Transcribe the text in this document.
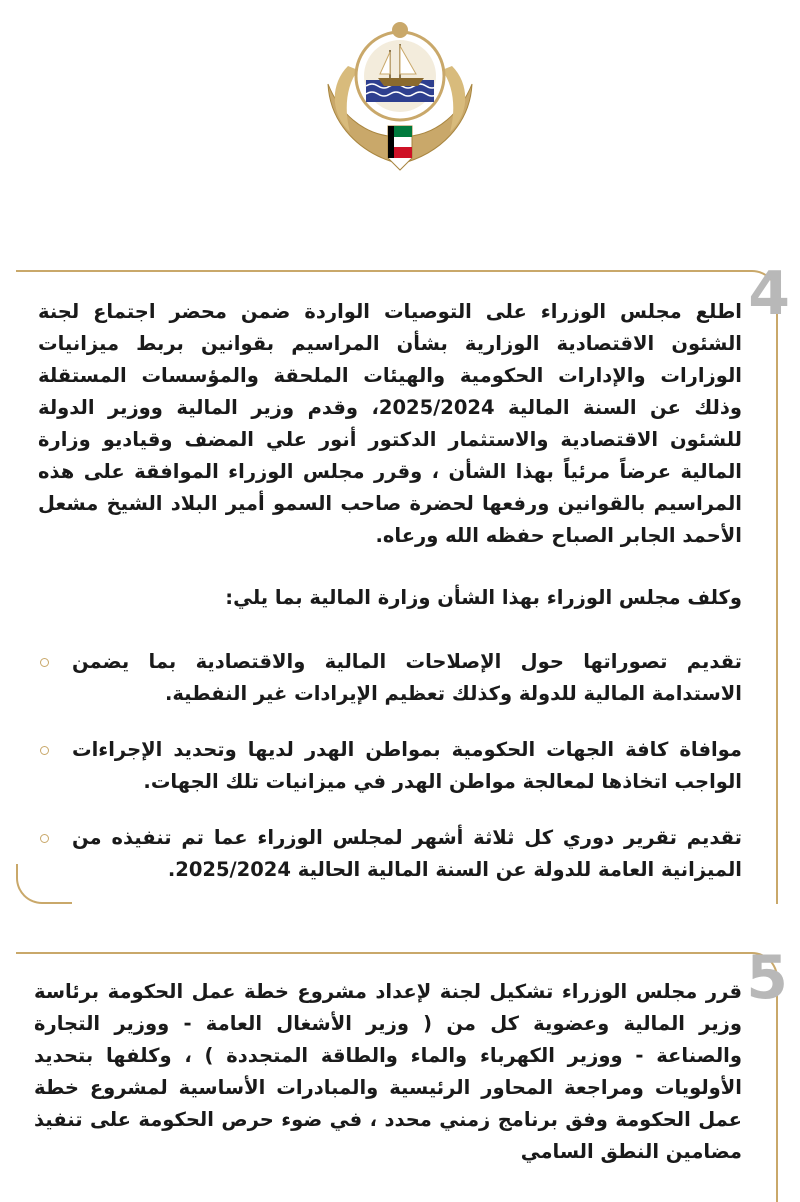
4

اطلع مجلس الوزراء على التوصيات الواردة ضمن محضر اجتماع لجنة الشئون الاقتصادية الوزارية بشأن المراسيم بقوانين بربط ميزانيات الوزارات والإدارات الحكومية والهيئات الملحقة والمؤسسات المستقلة وذلك عن السنة المالية 2025/2024، وقدم وزير المالية ووزير الدولة للشئون الاقتصادية والاستثمار الدكتور أنور علي المضف وقياديو وزارة المالية عرضاً مرئياً بهذا الشأن ، وقرر مجلس الوزراء الموافقة على هذه المراسيم بالقوانين ورفعها لحضرة صاحب السمو أمير البلاد الشيخ مشعل الأحمد الجابر الصباح حفظه الله ورعاه.

وكلف مجلس الوزراء بهذا الشأن وزارة المالية بما يلي:

تقديم تصوراتها حول الإصلاحات المالية والاقتصادية بما يضمن الاستدامة المالية للدولة وكذلك تعظيم الإيرادات غير النفطية.
موافاة كافة الجهات الحكومية بمواطن الهدر لديها وتحديد الإجراءات الواجب اتخاذها لمعالجة مواطن الهدر في ميزانيات تلك الجهات.
تقديم تقرير دوري كل ثلاثة أشهر لمجلس الوزراء عما تم تنفيذه من الميزانية العامة للدولة عن السنة المالية الحالية 2025/2024.
5

قرر مجلس الوزراء تشكيل لجنة لإعداد مشروع خطة عمل الحكومة برئاسة وزير المالية وعضوية كل من ( وزير الأشغال العامة - ووزير التجارة والصناعة - ووزير الكهرباء والماء والطاقة المتجددة ) ، وكلفها بتحديد الأولويات ومراجعة المحاور الرئيسية والمبادرات الأساسية لمشروع خطة عمل الحكومة وفق برنامج زمني محدد ، في ضوء حرص الحكومة على تنفيذ مضامين النطق السامي
